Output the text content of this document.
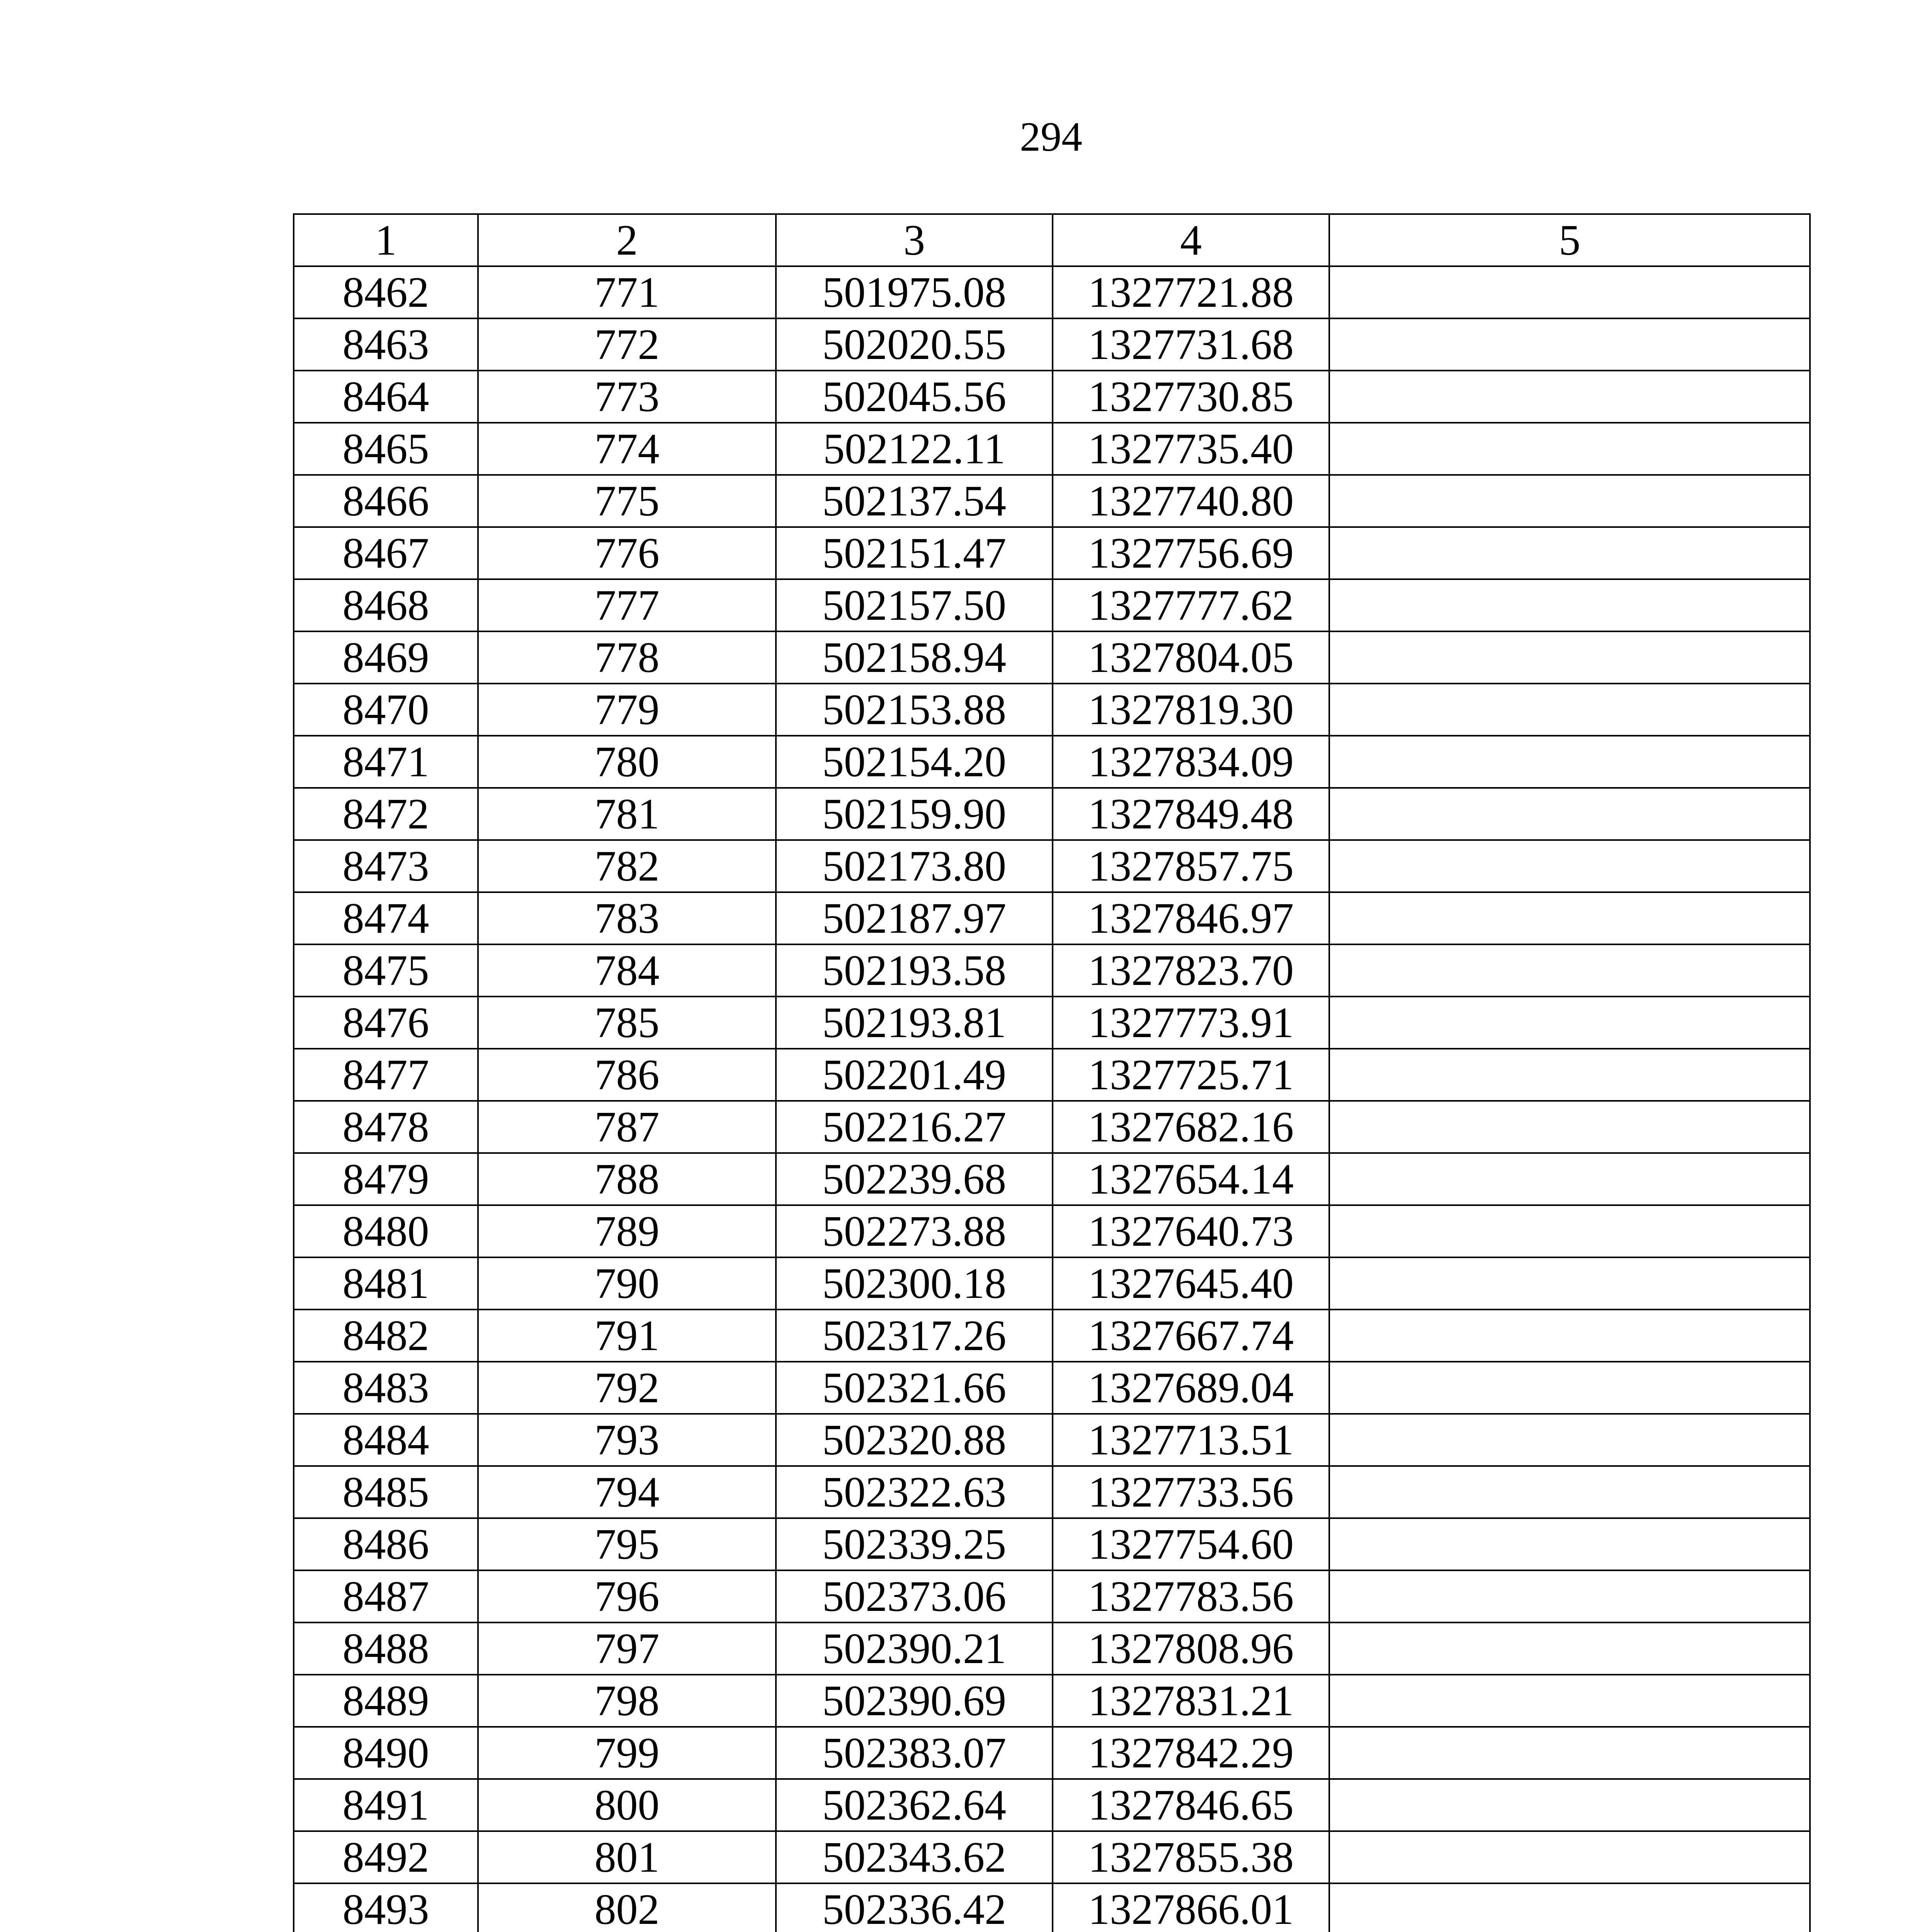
294
1	2	3	4	5
8462	771	501975.08	1327721.88	
8463	772	502020.55	1327731.68	
8464	773	502045.56	1327730.85	
8465	774	502122.11	1327735.40	
8466	775	502137.54	1327740.80	
8467	776	502151.47	1327756.69	
8468	777	502157.50	1327777.62	
8469	778	502158.94	1327804.05	
8470	779	502153.88	1327819.30	
8471	780	502154.20	1327834.09	
8472	781	502159.90	1327849.48	
8473	782	502173.80	1327857.75	
8474	783	502187.97	1327846.97	
8475	784	502193.58	1327823.70	
8476	785	502193.81	1327773.91	
8477	786	502201.49	1327725.71	
8478	787	502216.27	1327682.16	
8479	788	502239.68	1327654.14	
8480	789	502273.88	1327640.73	
8481	790	502300.18	1327645.40	
8482	791	502317.26	1327667.74	
8483	792	502321.66	1327689.04	
8484	793	502320.88	1327713.51	
8485	794	502322.63	1327733.56	
8486	795	502339.25	1327754.60	
8487	796	502373.06	1327783.56	
8488	797	502390.21	1327808.96	
8489	798	502390.69	1327831.21	
8490	799	502383.07	1327842.29	
8491	800	502362.64	1327846.65	
8492	801	502343.62	1327855.38	
8493	802	502336.42	1327866.01	
